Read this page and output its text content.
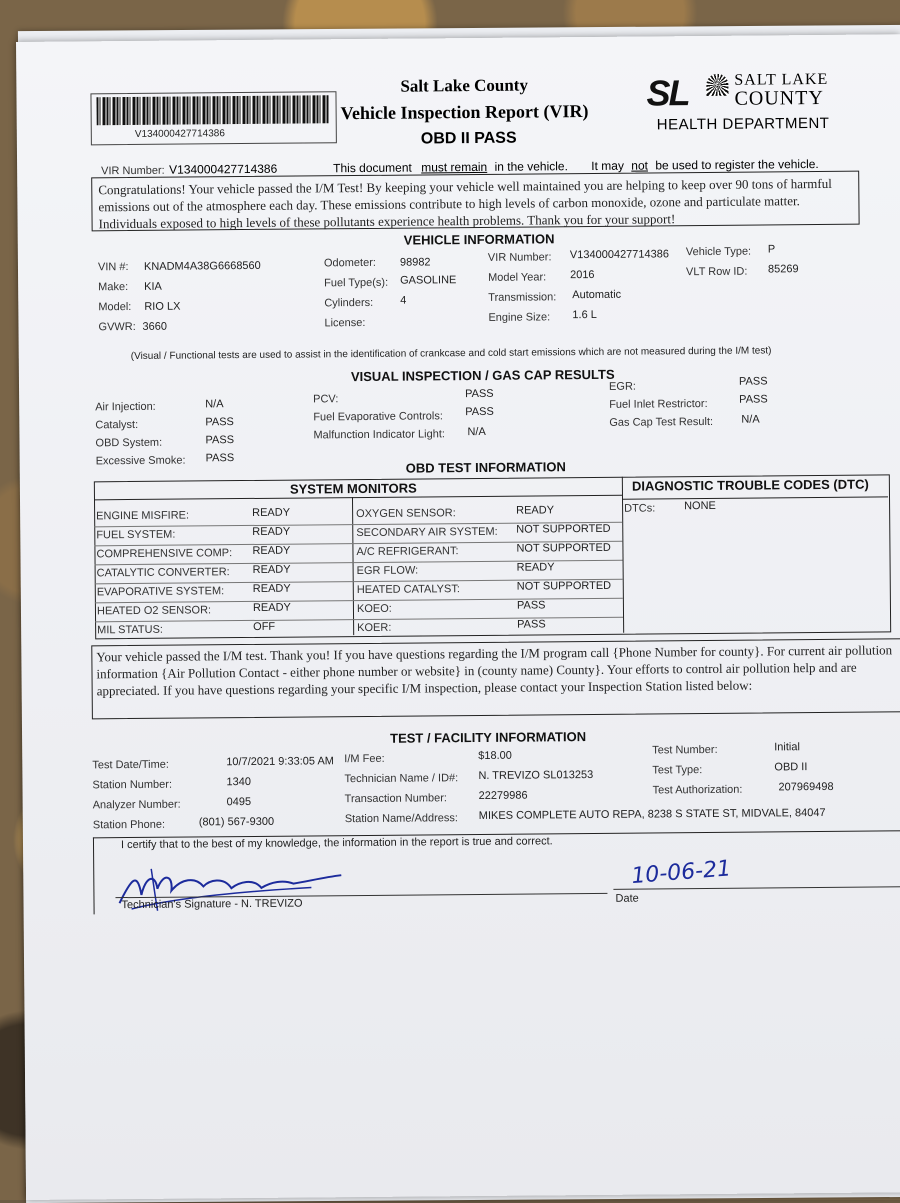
V134000427714386
Salt Lake County
Vehicle Inspection Report (VIR)
OBD II PASS
SL	SALT LAKE
COUNTY
HEALTH DEPARTMENT
VIR Number: V134000427714386	This document must remain in the vehicle. It may not be used to register the vehicle.
Congratulations! Your vehicle passed the I/M Test! By keeping your vehicle well maintained you are helping to keep over 90 tons of harmful emissions out of the atmosphere each day. These emissions contribute to high levels of carbon monoxide, ozone and particulate matter. Individuals exposed to high levels of these pollutants experience health problems. Thank you for your support!
VEHICLE INFORMATION
VIN #: KNADM4A38G6668560
Make: KIA
Model: RIO LX
GVWR: 3660
Odometer: 98982
Fuel Type(s): GASOLINE
Cylinders: 4
License:
VIR Number: V134000427714386
Model Year: 2016
Transmission: Automatic
Engine Size: 1.6 L
Vehicle Type: P
VLT Row ID: 85269
(Visual / Functional tests are used to assist in the identification of crankcase and cold start emissions which are not measured during the I/M test)
VISUAL INSPECTION / GAS CAP RESULTS
Air Injection:	N/A
Catalyst:	PASS
OBD System:	PASS
Excessive Smoke: PASS
PCV:	PASS
Fuel Evaporative Controls: PASS
Malfunction Indicator Light: N/A
EGR:	PASS
Fuel Inlet Restrictor:	PASS
Gas Cap Test Result:	N/A
OBD TEST INFORMATION
SYSTEM MONITORS	DIAGNOSTIC TROUBLE CODES (DTC)
DTCs:	NONE
Your vehicle passed the I/M test. Thank you! If you have questions regarding the I/M program call {Phone Number for county}. For current air pollution information {Air Pollution Contact - either phone number or website} in (county name) County}. Your efforts to control air pollution help and are appreciated. If you have questions regarding your specific I/M inspection, please contact your Inspection Station listed below:
TEST / FACILITY INFORMATION
Test Date/Time:	10/7/2021 9:33:05 AM
Station Number:	1340
Analyzer Number:	0495
Station Phone:	(801) 567-9300
I/M Fee:	$18.00
Technician Name / ID#: N. TREVIZO SL013253
Transaction Number:	22279986
Station Name/Address: MIKES COMPLETE AUTO REPA, 8238 S STATE ST, MIDVALE, 84047
Test Number:	Initial
Test Type:	OBD II
Test Authorization:	207969498
I certify that to the best of my knowledge, the information in the report is true and correct.
Technician's Signature - N. TREVIZO
10-06-21
Date
ENGINE MISFIRE:	READY
FUEL SYSTEM:	READY
COMPREHENSIVE COMP: READY
CATALYTIC CONVERTER: READY
EVAPORATIVE SYSTEM:	READY
HEATED O2 SENSOR:	READY
MIL STATUS:	OFF
OXYGEN SENSOR:	READY
SECONDARY AIR SYSTEM: NOT SUPPORTED
A/C REFRIGERANT:	NOT SUPPORTED
EGR FLOW:	READY
HEATED CATALYST:	NOT SUPPORTED
KOEO:	PASS
KOER:	PASS
